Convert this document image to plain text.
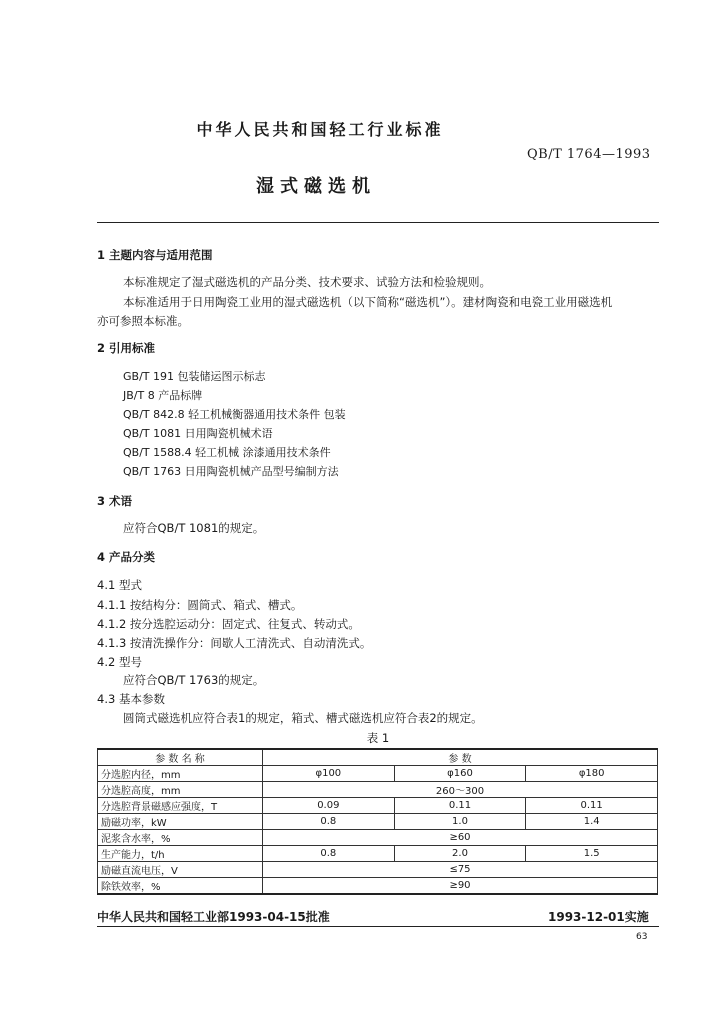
中华人民共和国轻工行业标准
QB/T 1764—1993
湿式磁选机
1 主题内容与适用范围
本标准规定了湿式磁选机的产品分类、技术要求、试验方法和检验规则。
本标准适用于日用陶瓷工业用的湿式磁选机（以下简称“磁选机”）。建材陶瓷和电瓷工业用磁选机
亦可参照本标准。
2 引用标准
GB/T 191 包装储运图示标志
JB/T 8 产品标牌
QB/T 842.8 轻工机械衡器通用技术条件 包装
QB/T 1081 日用陶瓷机械术语
QB/T 1588.4 轻工机械 涂漆通用技术条件
QB/T 1763 日用陶瓷机械产品型号编制方法
3 术语
应符合QB/T 1081的规定。
4 产品分类
4.1 型式
4.1.1 按结构分：圆筒式、箱式、槽式。
4.1.2 按分选腔运动分：固定式、往复式、转动式。
4.1.3 按清洗操作分：间歇人工清洗式、自动清洗式。
4.2 型号
应符合QB/T 1763的规定。
4.3 基本参数
圆筒式磁选机应符合表1的规定，箱式、槽式磁选机应符合表2的规定。
表 1
参 数 名 称	参 数		
分选腔内径，mm	φ100	φ160	φ180
分选腔高度，mm	260～300		
分选腔背景磁感应强度，T	0.09	0.11	0.11
励磁功率，kW	0.8	1.0	1.4
泥浆含水率，%	≥60		
生产能力，t/h	0.8	2.0	1.5
励磁直流电压，V	≤75		
除铁效率，%	≥90		
中华人民共和国轻工业部1993-04-15批准	1993-12-01实施
63
